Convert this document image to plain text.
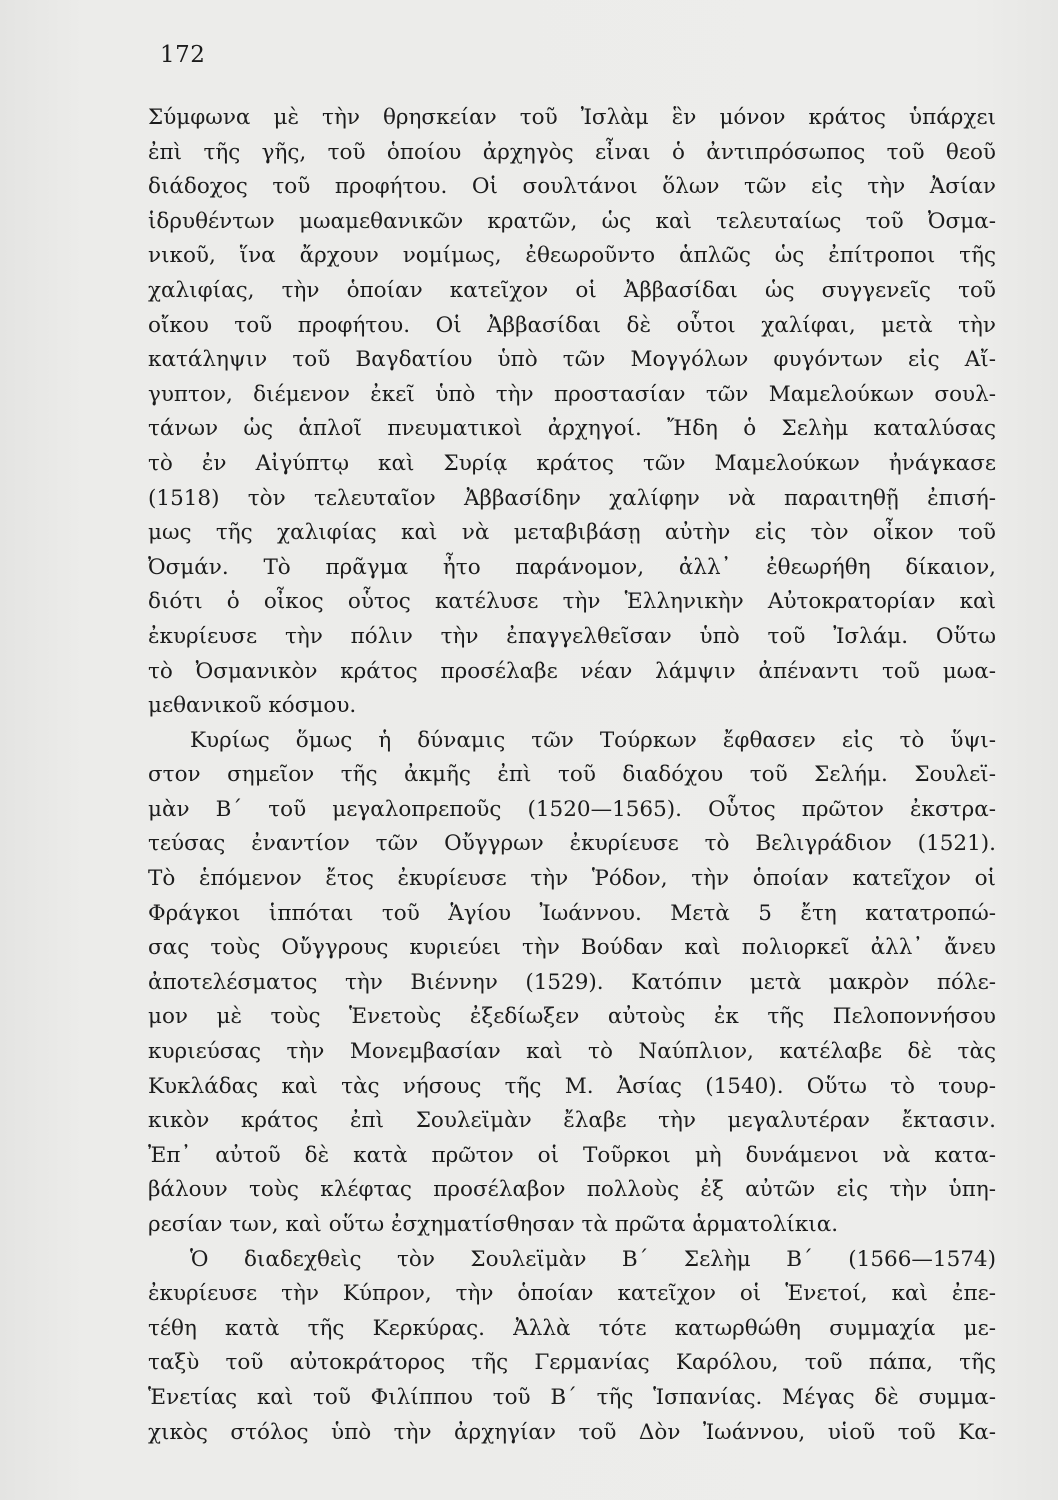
172
Σύμφωνα μὲ τὴν θρησκείαν τοῦ Ἰσλὰμ ἓν μόνον κράτος ὑπάρχει
ἐπὶ τῆς γῆς, τοῦ ὁποίου ἀρχηγὸς εἶναι ὁ ἀντιπρόσωπος τοῦ θεοῦ
διάδοχος τοῦ προφήτου. Οἱ σουλτάνοι ὅλων τῶν εἰς τὴν Ἀσίαν
ἱδρυθέντων μωαμεθανικῶν κρατῶν, ὡς καὶ τελευταίως τοῦ Ὀσμα-
νικοῦ, ἵνα ἄρχουν νομίμως, ἐθεωροῦντο ἁπλῶς ὡς ἐπίτροποι τῆς
χαλιφίας, τὴν ὁποίαν κατεῖχον οἱ Ἀββασίδαι ὡς συγγενεῖς τοῦ
οἴκου τοῦ προφήτου. Οἱ Ἀββασίδαι δὲ οὗτοι χαλίφαι, μετὰ τὴν
κατάληψιν τοῦ Βαγδατίου ὑπὸ τῶν Μογγόλων φυγόντων εἰς Αἴ-
γυπτον, διέμενον ἐκεῖ ὑπὸ τὴν προστασίαν τῶν Μαμελούκων σουλ-
τάνων ὡς ἁπλοῖ πνευματικοὶ ἀρχηγοί. Ἤδη ὁ Σελὴμ καταλύσας
τὸ ἐν Αἰγύπτῳ καὶ Συρίᾳ κράτος τῶν Μαμελούκων ἠνάγκασε
(1518) τὸν τελευταῖον Ἀββασίδην χαλίφην νὰ παραιτηθῇ ἐπισή-
μως τῆς χαλιφίας καὶ νὰ μεταβιβάσῃ αὐτὴν εἰς τὸν οἶκον τοῦ
Ὀσμάν. Τὸ πρᾶγμα ἦτο παράνομον, ἀλλ᾽ ἐθεωρήθη δίκαιον,
διότι ὁ οἶκος οὗτος κατέλυσε τὴν Ἑλληνικὴν Αὐτοκρατορίαν καὶ
ἐκυρίευσε τὴν πόλιν τὴν ἐπαγγελθεῖσαν ὑπὸ τοῦ Ἰσλάμ. Οὕτω
τὸ Ὀσμανικὸν κράτος προσέλαβε νέαν λάμψιν ἀπέναντι τοῦ μωα-
μεθανικοῦ κόσμου.
Κυρίως ὅμως ἡ δύναμις τῶν Τούρκων ἔφθασεν εἰς τὸ ὕψι-
στον σημεῖον τῆς ἀκμῆς ἐπὶ τοῦ διαδόχου τοῦ Σελήμ. Σουλεϊ-
μὰν Β΄ τοῦ μεγαλοπρεποῦς (1520—1565). Οὗτος πρῶτον ἐκστρα-
τεύσας ἐναντίον τῶν Οὔγγρων ἐκυρίευσε τὸ Βελιγράδιον (1521).
Τὸ ἑπόμενον ἔτος ἐκυρίευσε τὴν Ῥόδον, τὴν ὁποίαν κατεῖχον οἱ
Φράγκοι ἱππόται τοῦ Ἁγίου Ἰωάννου. Μετὰ 5 ἔτη κατατροπώ-
σας τοὺς Οὔγγρους κυριεύει τὴν Βούδαν καὶ πολιορκεῖ ἀλλ᾽ ἄνευ
ἀποτελέσματος τὴν Βιέννην (1529). Κατόπιν μετὰ μακρὸν πόλε-
μον μὲ τοὺς Ἑνετοὺς ἐξεδίωξεν αὐτοὺς ἐκ τῆς Πελοποννήσου
κυριεύσας τὴν Μονεμβασίαν καὶ τὸ Ναύπλιον, κατέλαβε δὲ τὰς
Κυκλάδας καὶ τὰς νήσους τῆς Μ. Ἀσίας (1540). Οὕτω τὸ τουρ-
κικὸν κράτος ἐπὶ Σουλεϊμὰν ἔλαβε τὴν μεγαλυτέραν ἔκτασιν.
Ἐπ᾽ αὐτοῦ δὲ κατὰ πρῶτον οἱ Τοῦρκοι μὴ δυνάμενοι νὰ κατα-
βάλουν τοὺς κλέφτας προσέλαβον πολλοὺς ἐξ αὐτῶν εἰς τὴν ὑπη-
ρεσίαν των, καὶ οὕτω ἐσχηματίσθησαν τὰ πρῶτα ἁρματολίκια.
Ὁ διαδεχθεὶς τὸν Σουλεϊμὰν Β΄ Σελὴμ Β΄ (1566—1574)
ἐκυρίευσε τὴν Κύπρον, τὴν ὁποίαν κατεῖχον οἱ Ἑνετοί, καὶ ἐπε-
τέθη κατὰ τῆς Κερκύρας. Ἀλλὰ τότε κατωρθώθη συμμαχία με-
ταξὺ τοῦ αὐτοκράτορος τῆς Γερμανίας Καρόλου, τοῦ πάπα, τῆς
Ἑνετίας καὶ τοῦ Φιλίππου τοῦ Β΄ τῆς Ἱσπανίας. Μέγας δὲ συμμα-
χικὸς στόλος ὑπὸ τὴν ἀρχηγίαν τοῦ Δὸν Ἰωάννου, υἱοῦ τοῦ Κα-
